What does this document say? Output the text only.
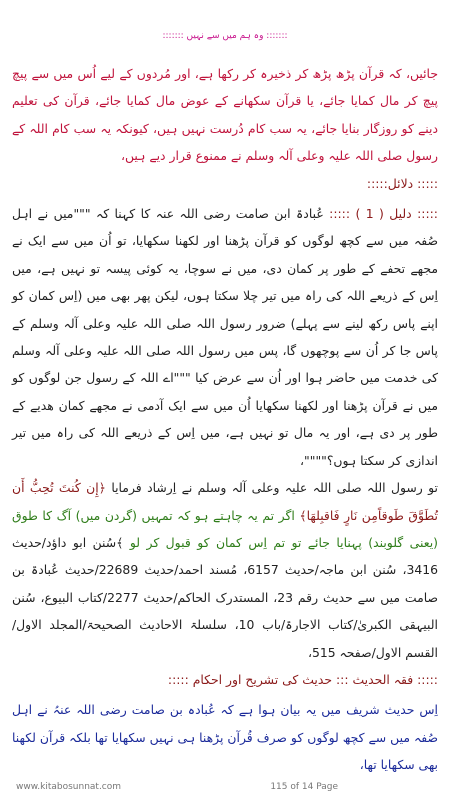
::::::: وہ ہم میں سے نہیں :::::::

جائیں، کہ قرآن پڑھ پڑھ کر ذخیرہ کر رکھا ہے، اور مُردوں کے لیے اُس میں سے پیچ پیچ کر مال کمایا جائے، یا قرآن سکھانے کے عوض مال کمایا جائے، قرآن کی تعلیم دینے کو روزگار بنایا جائے، یہ سب کام دُرست نہیں ہیں، کیونکہ یہ سب کام اللہ کے رسول صلی اللہ علیہ وعلی آلہ وسلم نے ممنوع قرار دیے ہیں،

::::: دلائل:::::

::::: دلیل ( 1 ) ::::: عُبادۃ ابن صامت رضی اللہ عنہ کا کہنا کہ """میں نے اہل صُفہ میں سے کچھ لوگوں کو قرآن پڑھنا اور لکھنا سکھایا، تو اُن میں سے ایک نے مجھے تحفے کے طور پر کمان دی، میں نے سوچا، یہ کوئی پیسہ تو نہیں ہے، میں اِس کے ذریعے اللہ کی راہ میں تیر چلا سکتا ہوں، لیکن پھر بھی میں (اِس کمان کو اپنے پاس رکھ لینے سے پہلے) ضرور رسول اللہ صلی اللہ علیہ وعلی آلہ وسلم کے پاس جا کر اُن سے پوچھوں گا، پس میں رسول اللہ صلی اللہ علیہ وعلی آلہ وسلم کی خدمت میں حاضر ہوا اور اُن سے عرض کیا """اے اللہ کے رسول جن لوگوں کو میں نے قرآن پڑھنا اور لکھنا سکھایا اُن میں سے ایک آدمی نے مجھے کمان ھدیے کے طور پر دی ہے، اور یہ مال تو نہیں ہے، میں اِس کے ذریعے اللہ کی راہ میں تیر اندازی کر سکتا ہوں؟""""،

تو رسول اللہ صلی اللہ علیہ وعلی آلہ وسلم نے اِرشاد فرمایا ﴿إِن كُنتَ تُحِبُّ أَن تُطَوَّقَ طَوقاًمِن نَارٍ فَاقبِلهَا﴾ اگر تم یہ چاہتے ہو کہ تمہیں (گردن میں) آگ کا طوق (یعنی گلوبند) پہنایا جائے تو تم اِس کمان کو قبول کر لو ﴾سُنن ابو داؤد/حدیث 3416، سُنن ابن ماجہ/حدیث 6157، مُسند احمد/حدیث 22689/حدیث عُبادۃ بن صامت میں سے حدیث رقم 23، المستدرک الحاکم/حدیث 2277/کتاب البیوع، سُنن البیہقی الکبریٰ/کتاب الاجارۃ/باب 10، سلسلۃ الاحادیث الصحیحۃ/المجلد الاول/القسم الاول/صفحہ 515،

::::: فقہ الحدیث ::: حدیث کی تشریح اور احکام :::::

اِس حدیث شریف میں یہ بیان ہوا ہے کہ عُبادہ بن صامت رضی اللہ عنہُ نے اہل صُفہ میں سے کچھ لوگوں کو صرف قُرآن پڑھنا ہی نہیں سکھایا تھا بلکہ قرآن لکھنا بھی سکھایا تھا،

www.kitabosunnat.com	115 of 14 Page
